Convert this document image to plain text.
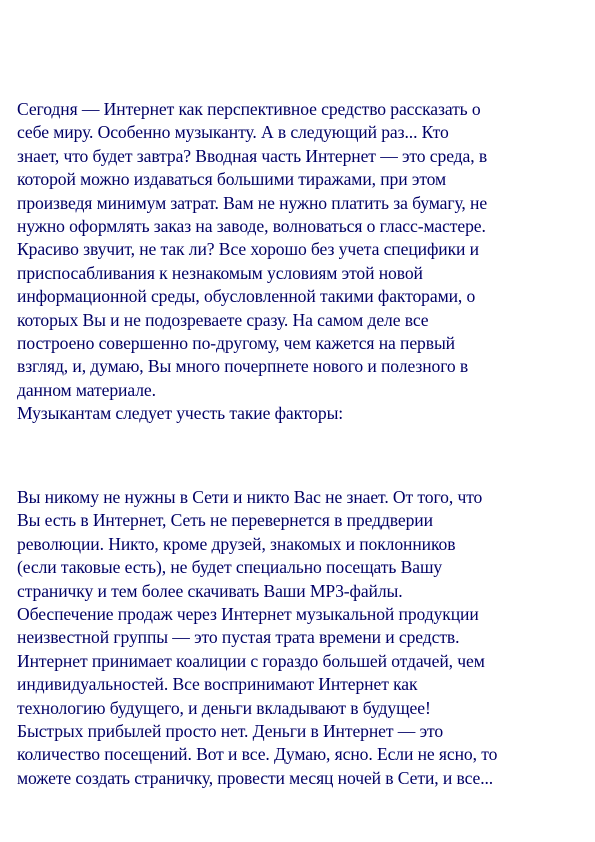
Сегодня — Интернет как перспективное средство рассказать о
себе миру. Особенно музыканту. А в следующий раз... Кто
знает, что будет завтра? Вводная часть Интернет — это среда, в
которой можно издаваться большими тиражами, при этом
произведя минимум затрат. Вам не нужно платить за бумагу, не
нужно оформлять заказ на заводе, волноваться о гласс-мастере.
Красиво звучит, не так ли? Все хорошо без учета специфики и
приспосабливания к незнакомым условиям этой новой
информационной среды, обусловленной такими факторами, о
которых Вы и не подозреваете сразу. На самом деле все
построено совершенно по-другому, чем кажется на первый
взгляд, и, думаю, Вы много почерпнете нового и полезного в
данном материале.
Музыкантам следует учесть такие факторы:

Вы никому не нужны в Сети и никто Вас не знает. От того, что
Вы есть в Интернет, Сеть не перевернется в преддверии
революции. Никто, кроме друзей, знакомых и поклонников
(если таковые есть), не будет специально посещать Вашу
страничку и тем более скачивать Ваши МР3-файлы.
Обеспечение продаж через Интернет музыкальной продукции
неизвестной группы — это пустая трата времени и средств.
Интернет принимает коалиции с гораздо большей отдачей, чем
индивидуальностей. Все воспринимают Интернет как
технологию будущего, и деньги вкладывают в будущее!
Быстрых прибылей просто нет. Деньги в Интернет — это
количество посещений. Вот и все. Думаю, ясно. Если не ясно, то
можете создать страничку, провести месяц ночей в Сети, и все...
